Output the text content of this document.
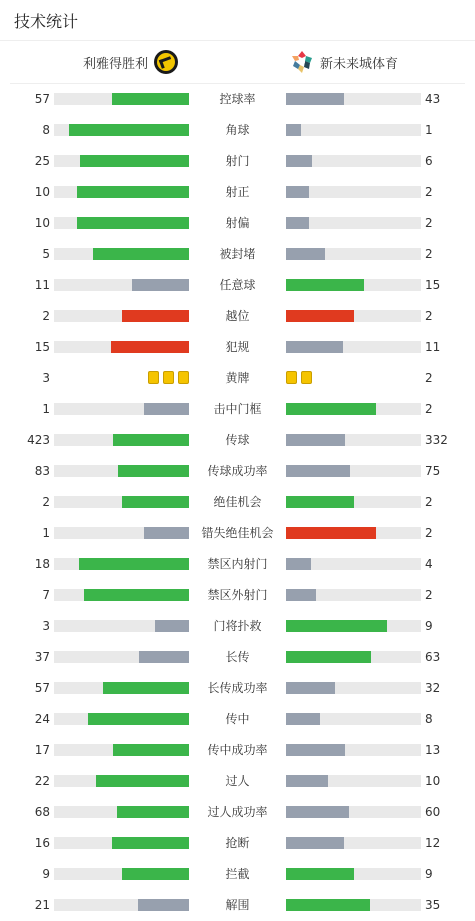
技术统计
利雅得胜利	新未来城体育
57	控球率	43
8	角球	1
25	射门	6
10	射正	2
10	射偏	2
5	被封堵	2
11	任意球	15
2	越位	2
15	犯规	11
3	黄牌	2
1	击中门框	2
423	传球	332
83	传球成功率	75
2	绝佳机会	2
1	错失绝佳机会	2
18	禁区内射门	4
7	禁区外射门	2
3	门将扑救	9
37	长传	63
57	长传成功率	32
24	传中	8
17	传中成功率	13
22	过人	10
68	过人成功率	60
16	抢断	12
9	拦截	9
21	解围	35
